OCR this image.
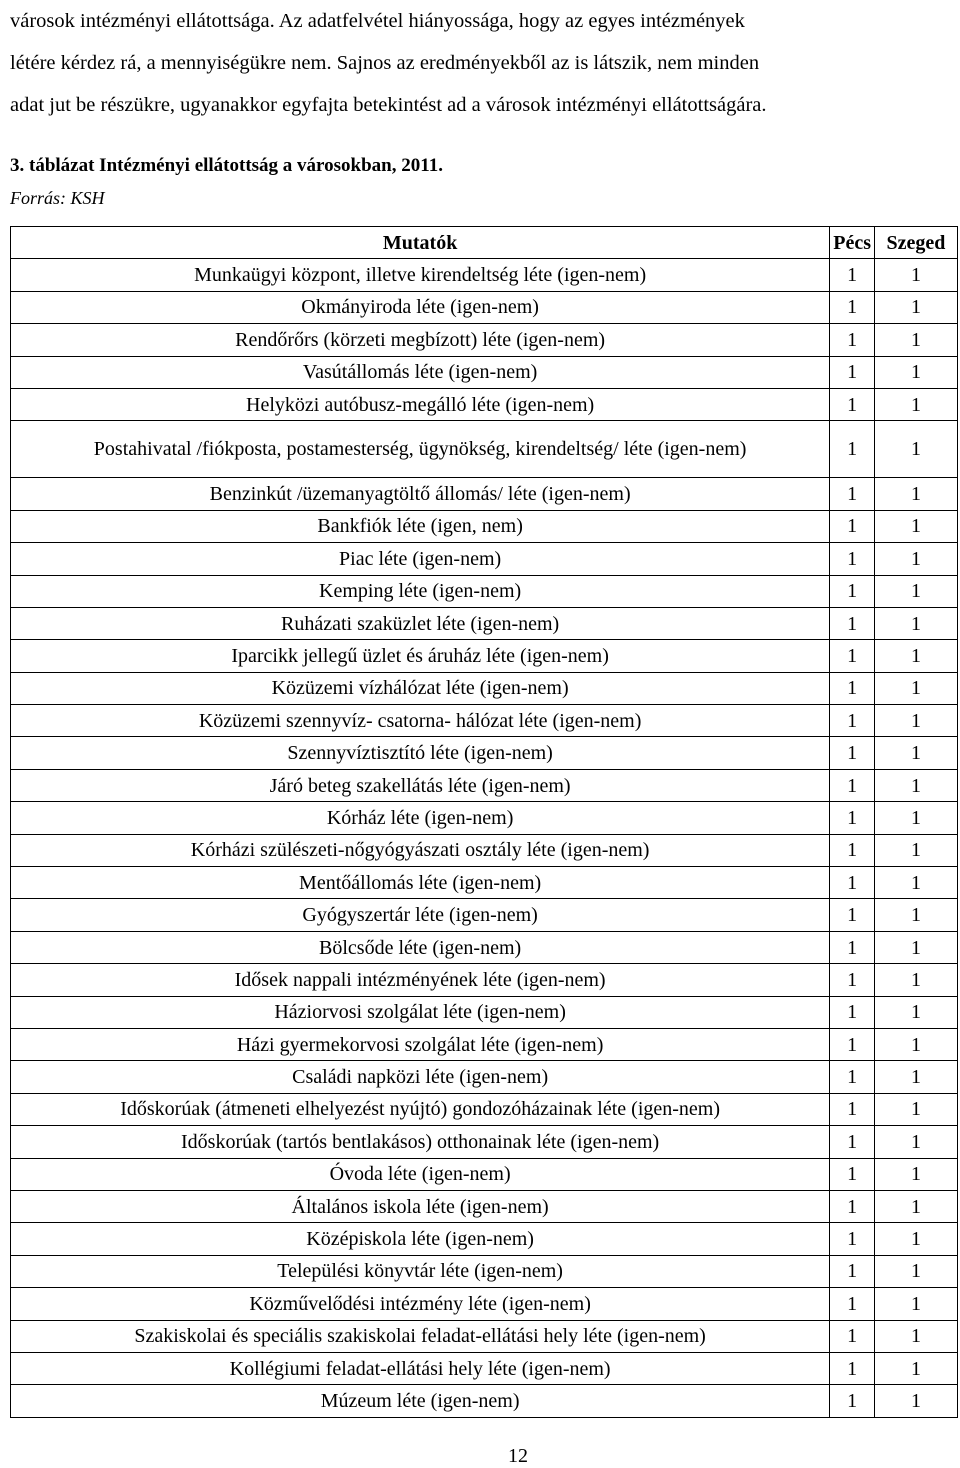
városok intézményi ellátottsága. Az adatfelvétel hiányossága, hogy az egyes intézmények

létére kérdez rá, a mennyiségükre nem. Sajnos az eredményekből az is látszik, nem minden

adat jut be részükre, ugyanakkor egyfajta betekintést ad a városok intézményi ellátottságára.

3. táblázat Intézményi ellátottság a városokban, 2011.

Forrás: KSH

Mutatók	Pécs	Szeged
Munkaügyi központ, illetve kirendeltség léte (igen-nem)	1	1
Okmányiroda léte (igen-nem)	1	1
Rendőrőrs (körzeti megbízott) léte (igen-nem)	1	1
Vasútállomás léte (igen-nem)	1	1
Helyközi autóbusz-megálló léte (igen-nem)	1	1
Postahivatal /fiókposta, postamesterség, ügynökség, kirendeltség/ léte (igen-nem)	1	1
Benzinkút /üzemanyagtöltő állomás/ léte (igen-nem)	1	1
Bankfiók léte (igen, nem)	1	1
Piac léte (igen-nem)	1	1
Kemping léte (igen-nem)	1	1
Ruházati szaküzlet léte (igen-nem)	1	1
Iparcikk jellegű üzlet és áruház léte (igen-nem)	1	1
Közüzemi vízhálózat léte (igen-nem)	1	1
Közüzemi szennyvíz- csatorna- hálózat léte (igen-nem)	1	1
Szennyvíztisztító léte (igen-nem)	1	1
Járó beteg szakellátás léte (igen-nem)	1	1
Kórház léte (igen-nem)	1	1
Kórházi szülészeti-nőgyógyászati osztály léte (igen-nem)	1	1
Mentőállomás léte (igen-nem)	1	1
Gyógyszertár léte (igen-nem)	1	1
Bölcsőde léte (igen-nem)	1	1
Idősek nappali intézményének léte (igen-nem)	1	1
Háziorvosi szolgálat léte (igen-nem)	1	1
Házi gyermekorvosi szolgálat léte (igen-nem)	1	1
Családi napközi léte (igen-nem)	1	1
Időskorúak (átmeneti elhelyezést nyújtó) gondozóházainak léte (igen-nem)	1	1
Időskorúak (tartós bentlakásos) otthonainak léte (igen-nem)	1	1
Óvoda léte (igen-nem)	1	1
Általános iskola léte (igen-nem)	1	1
Középiskola léte (igen-nem)	1	1
Települési könyvtár léte (igen-nem)	1	1
Közművelődési intézmény léte (igen-nem)	1	1
Szakiskolai és speciális szakiskolai feladat-ellátási hely léte (igen-nem)	1	1
Kollégiumi feladat-ellátási hely léte (igen-nem)	1	1
Múzeum léte (igen-nem)	1	1
12
